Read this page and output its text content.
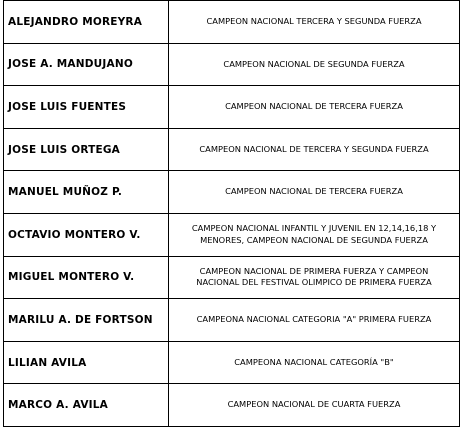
ALEJANDRO MOREYRA	CAMPEON NACIONAL TERCERA Y SEGUNDA FUERZA
JOSE A. MANDUJANO	CAMPEON NACIONAL DE SEGUNDA FUERZA
JOSE LUIS FUENTES	CAMPEON NACIONAL DE TERCERA FUERZA
JOSE LUIS ORTEGA	CAMPEON NACIONAL DE TERCERA Y SEGUNDA FUERZA
MANUEL MUÑOZ P.	CAMPEON NACIONAL DE TERCERA FUERZA
OCTAVIO MONTERO V.	CAMPEON NACIONAL INFANTIL Y JUVENIL EN 12,14,16,18 Y
MENORES, CAMPEON NACIONAL DE SEGUNDA FUERZA
MIGUEL MONTERO V.	CAMPEON NACIONAL DE PRIMERA FUERZA Y CAMPEON
NACIONAL DEL FESTIVAL OLIMPICO DE PRIMERA FUERZA
MARILU A. DE FORTSON	CAMPEONA NACIONAL CATEGORIA "A" PRIMERA FUERZA
LILIAN AVILA	CAMPEONA NACIONAL CATEGORÍA "B"
MARCO A. AVILA	CAMPEON NACIONAL DE CUARTA FUERZA
